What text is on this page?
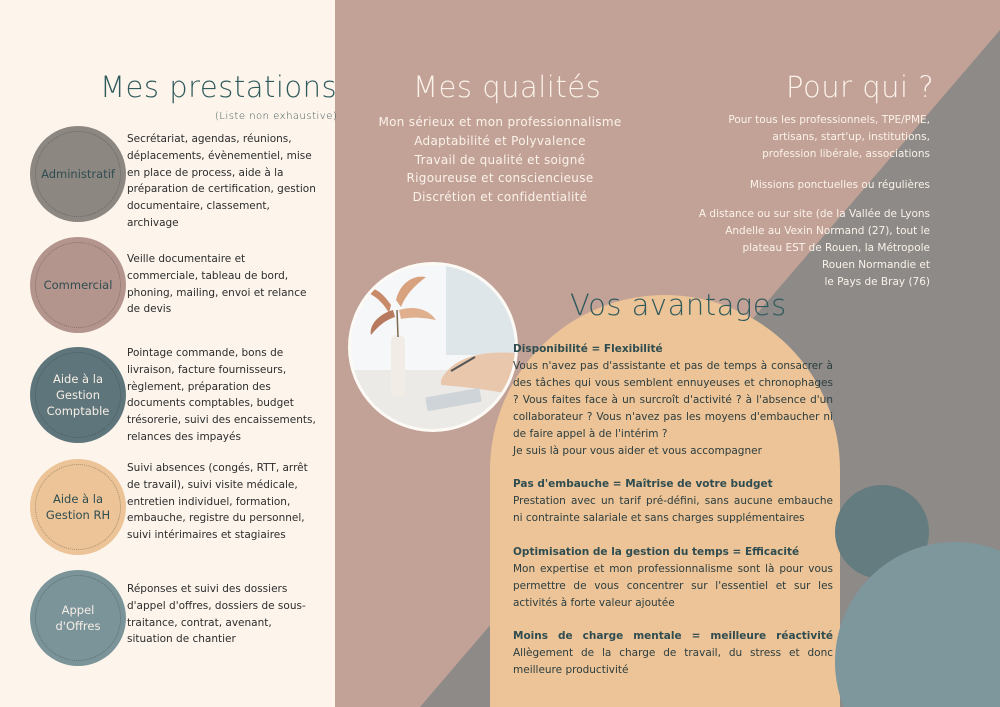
Mes prestations
(Liste non exhaustive)
Administratif
Secrétariat, agendas, réunions, déplacements, évènementiel, mise en place de process, aide à la préparation de certification, gestion documentaire, classement, archivage
Commercial
Veille documentaire et commerciale, tableau de bord, phoning, mailing, envoi et relance de devis
Aide à la Gestion Comptable
Pointage commande, bons de livraison, facture fournisseurs, règlement, préparation des documents comptables, budget trésorerie, suivi des encaissements, relances des impayés
Aide à la Gestion RH
Suivi absences (congés, RTT, arrêt de travail), suivi visite médicale, entretien individuel, formation, embauche, registre du personnel, suivi intérimaires et stagiaires
Appel d'Offres
Réponses et suivi des dossiers d'appel d'offres, dossiers de sous-traitance, contrat, avenant, situation de chantier
Mes qualités
Mon sérieux et mon professionnalisme
Adaptabilité et Polyvalence
Travail de qualité et soigné
Rigoureuse et consciencieuse
Discrétion et confidentialité
Pour qui ?
Pour tous les professionnels, TPE/PME,
artisans, start'up, institutions,
profession libérale, associations
Missions ponctuelles ou régulières
A distance ou sur site (de la Vallée de Lyons
Andelle au Vexin Normand (27), tout le
plateau EST de Rouen, la Métropole
Rouen Normandie et
le Pays de Bray (76)
Vos avantages
Disponibilité = Flexibilité
Vous n'avez pas d'assistante et pas de temps à consacrer à des tâches qui vous semblent ennuyeuses et chronophages ? Vous faites face à un surcroît d'activité ? à l'absence d'un collaborateur ? Vous n'avez pas les moyens d'embaucher ni de faire appel à de l'intérim ?
Je suis là pour vous aider et vous accompagner
Pas d'embauche = Maîtrise de votre budget
Prestation avec un tarif pré-défini, sans aucune embauche ni contrainte salariale et sans charges supplémentaires
Optimisation de la gestion du temps = Efficacité
Mon expertise et mon professionnalisme sont là pour vous permettre de vous concentrer sur l'essentiel et sur les activités à forte valeur ajoutée
Moins de charge mentale = meilleure réactivité
Allègement de la charge de travail, du stress et donc meilleure productivité
